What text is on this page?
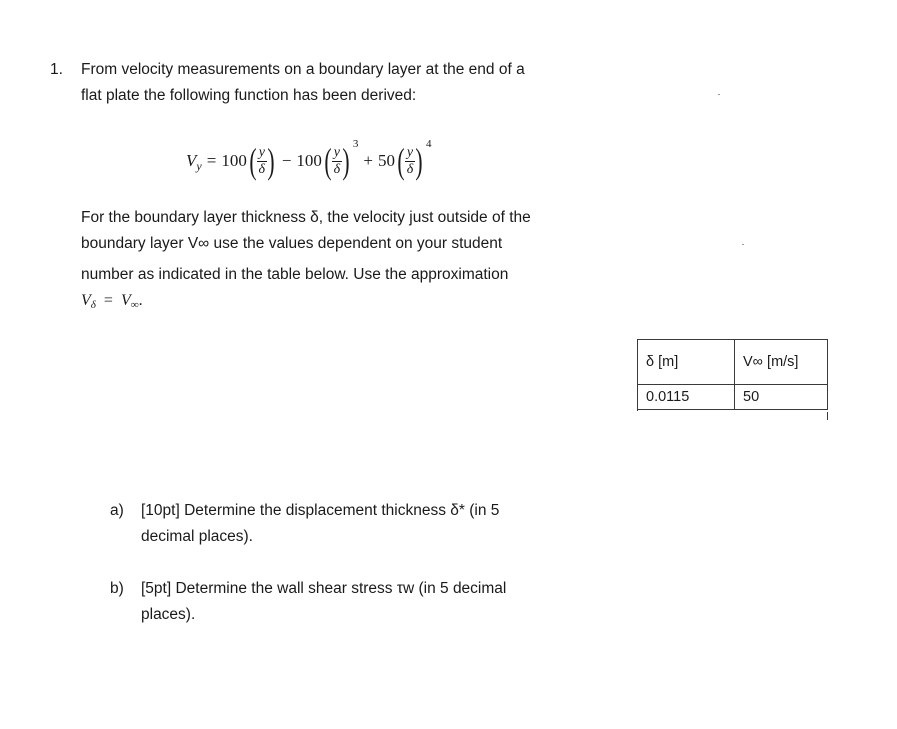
1. From velocity measurements on a boundary layer at the end of a
flat plate the following function has been derived:
V y = 100 ( $\frac{y}{\delta}$ ) − 100 ( $\frac{y}{\delta}$ ) 3
+ 50 ( $\frac{y}{\delta}$ ) 4
For the boundary layer thickness δ, the velocity just outside of the
boundary layer V∞ use the values dependent on your student
number as indicated in the table below. Use the approximation
Vδ = V∞.
δ [m]	V∞ [m/s]
0.0115	50
a) [10pt] Determine the displacement thickness δ* (in 5
decimal places).
b) [5pt] Determine the wall shear stress τw (in 5 decimal
places).
